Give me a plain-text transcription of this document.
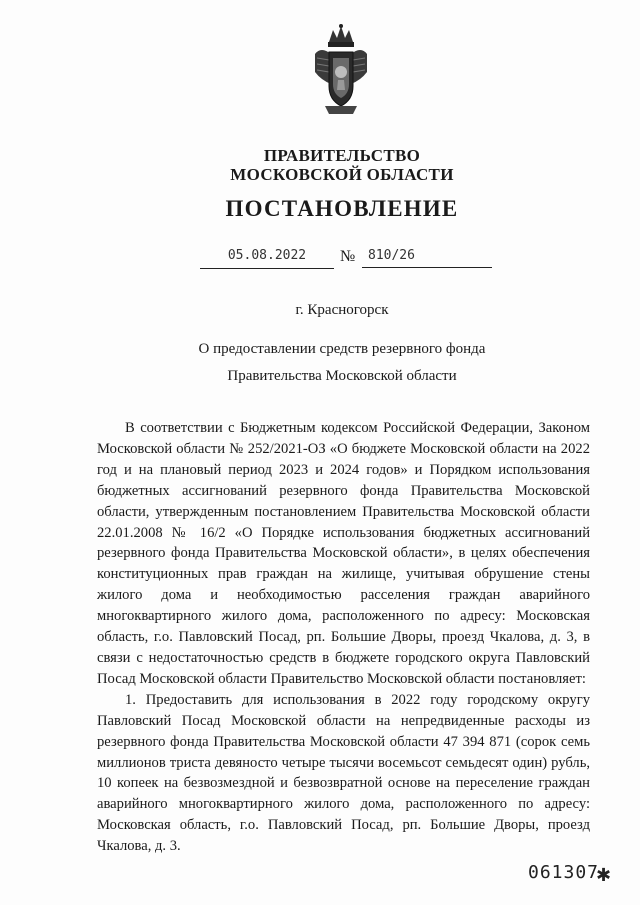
ПРАВИТЕЛЬСТВО
МОСКОВСКОЙ ОБЛАСТИ
ПОСТАНОВЛЕНИЕ
05.08.2022	№ 810/26
г. Красногорск
О предоставлении средств резервного фонда
Правительства Московской области

В соответствии с Бюджетным кодексом Российской Федерации, Законом Московской области № 252/2021-ОЗ «О бюджете Московской области на 2022 год и на плановый период 2023 и 2024 годов» и Порядком использования бюджетных ассигнований резервного фонда Правительства Московской области, утвержденным постановлением Правительства Московской области 22.01.2008 № 16/2 «О Порядке использования бюджетных ассигнований резервного фонда Правительства Московской области», в целях обеспечения конституционных прав граждан на жилище, учитывая обрушение стены жилого дома и необходимостью расселения граждан аварийного многоквартирного жилого дома, расположенного по адресу: Московская область, г.о. Павловский Посад, рп. Большие Дворы, проезд Чкалова, д. 3, в связи с недостаточностью средств в бюджете городского округа Павловский Посад Московской области Правительство Московской области постановляет:

1. Предоставить для использования в 2022 году городскому округу Павловский Посад Московской области на непредвиденные расходы из резервного фонда Правительства Московской области 47 394 871 (сорок семь миллионов триста девяносто четыре тысячи восемьсот семьдесят один) рубль, 10 копеек на безвозмездной и безвозвратной основе на переселение граждан аварийного многоквартирного жилого дома, расположенного по адресу: Московская область, г.о. Павловский Посад, рп. Большие Дворы, проезд Чкалова, д. 3.

061307
✱
